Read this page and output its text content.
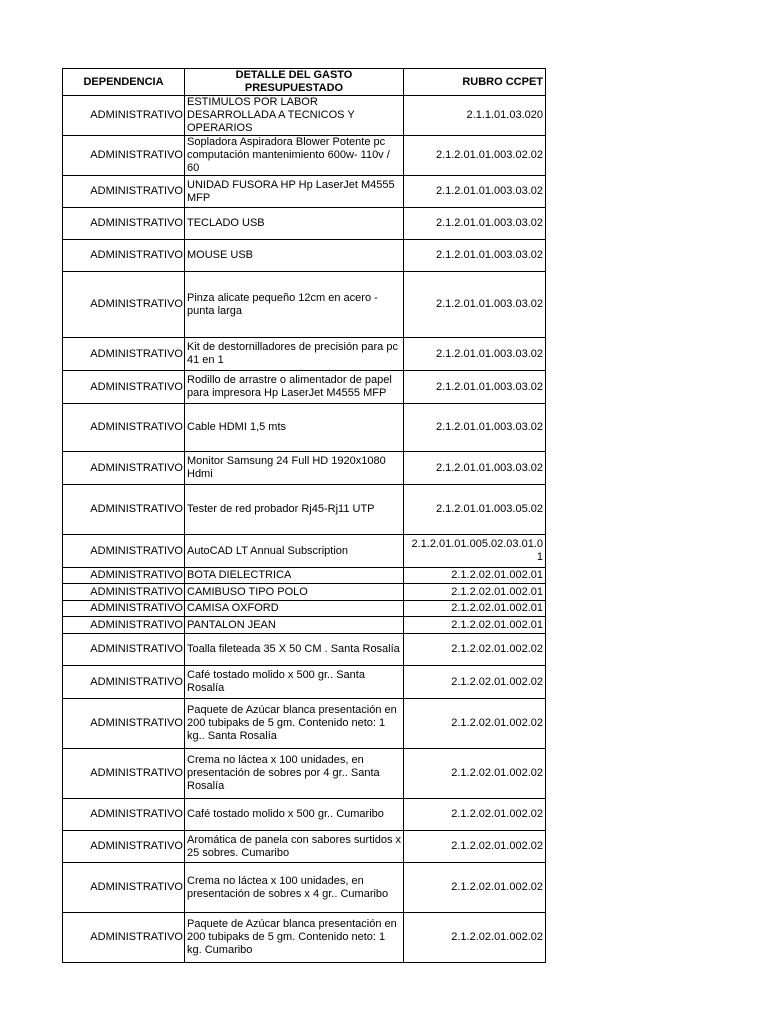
DEPENDENCIA	DETALLE DEL GASTO PRESUPUESTADO	RUBRO CCPET
ADMINISTRATIVO	ESTIMULOS POR LABOR DESARROLLADA A TECNICOS Y OPERARIOS	2.1.1.01.03.020
ADMINISTRATIVO	Sopladora Aspiradora Blower Potente pc computación mantenimiento 600w- 110v / 60	2.1.2.01.01.003.02.02
ADMINISTRATIVO	UNIDAD FUSORA HP Hp LaserJet M4555 MFP	2.1.2.01.01.003.03.02
ADMINISTRATIVO	TECLADO USB	2.1.2.01.01.003.03.02
ADMINISTRATIVO	MOUSE USB	2.1.2.01.01.003.03.02
ADMINISTRATIVO	Pinza alicate pequeño 12cm en acero - punta larga	2.1.2.01.01.003.03.02
ADMINISTRATIVO	Kit de destornilladores de precisión para pc 41 en 1	2.1.2.01.01.003.03.02
ADMINISTRATIVO	Rodillo de arrastre o alimentador de papel para impresora Hp LaserJet M4555 MFP	2.1.2.01.01.003.03.02
ADMINISTRATIVO	Cable HDMI 1,5 mts	2.1.2.01.01.003.03.02
ADMINISTRATIVO	Monitor Samsung 24 Full HD 1920x1080 Hdmi	2.1.2.01.01.003.03.02
ADMINISTRATIVO	Tester de red probador Rj45-Rj11 UTP	2.1.2.01.01.003.05.02
ADMINISTRATIVO	AutoCAD LT Annual Subscription	2.1.2.01.01.005.02.03.01.01
ADMINISTRATIVO	BOTA DIELECTRICA	2.1.2.02.01.002.01
ADMINISTRATIVO	CAMIBUSO TIPO POLO	2.1.2.02.01.002.01
ADMINISTRATIVO	CAMISA OXFORD	2.1.2.02.01.002.01
ADMINISTRATIVO	PANTALON JEAN	2.1.2.02.01.002.01
ADMINISTRATIVO	Toalla fileteada 35 X 50 CM . Santa Rosalía	2.1.2.02.01.002.02
ADMINISTRATIVO	Café tostado molido x 500 gr.. Santa Rosalía	2.1.2.02.01.002.02
ADMINISTRATIVO	Paquete de Azúcar blanca presentación en 200 tubipaks de 5 gm. Contenido neto: 1 kg.. Santa Rosalía	2.1.2.02.01.002.02
ADMINISTRATIVO	Crema no láctea x 100 unidades, en presentación de sobres por 4 gr.. Santa Rosalía	2.1.2.02.01.002.02
ADMINISTRATIVO	Café tostado molido x 500 gr.. Cumaribo	2.1.2.02.01.002.02
ADMINISTRATIVO	Aromática de panela con sabores surtidos x 25 sobres. Cumaribo	2.1.2.02.01.002.02
ADMINISTRATIVO	Crema no láctea x 100 unidades, en presentación de sobres x 4 gr.. Cumaribo	2.1.2.02.01.002.02
ADMINISTRATIVO	Paquete de Azúcar blanca presentación en 200 tubipaks de 5 gm. Contenido neto: 1 kg. Cumaribo	2.1.2.02.01.002.02
